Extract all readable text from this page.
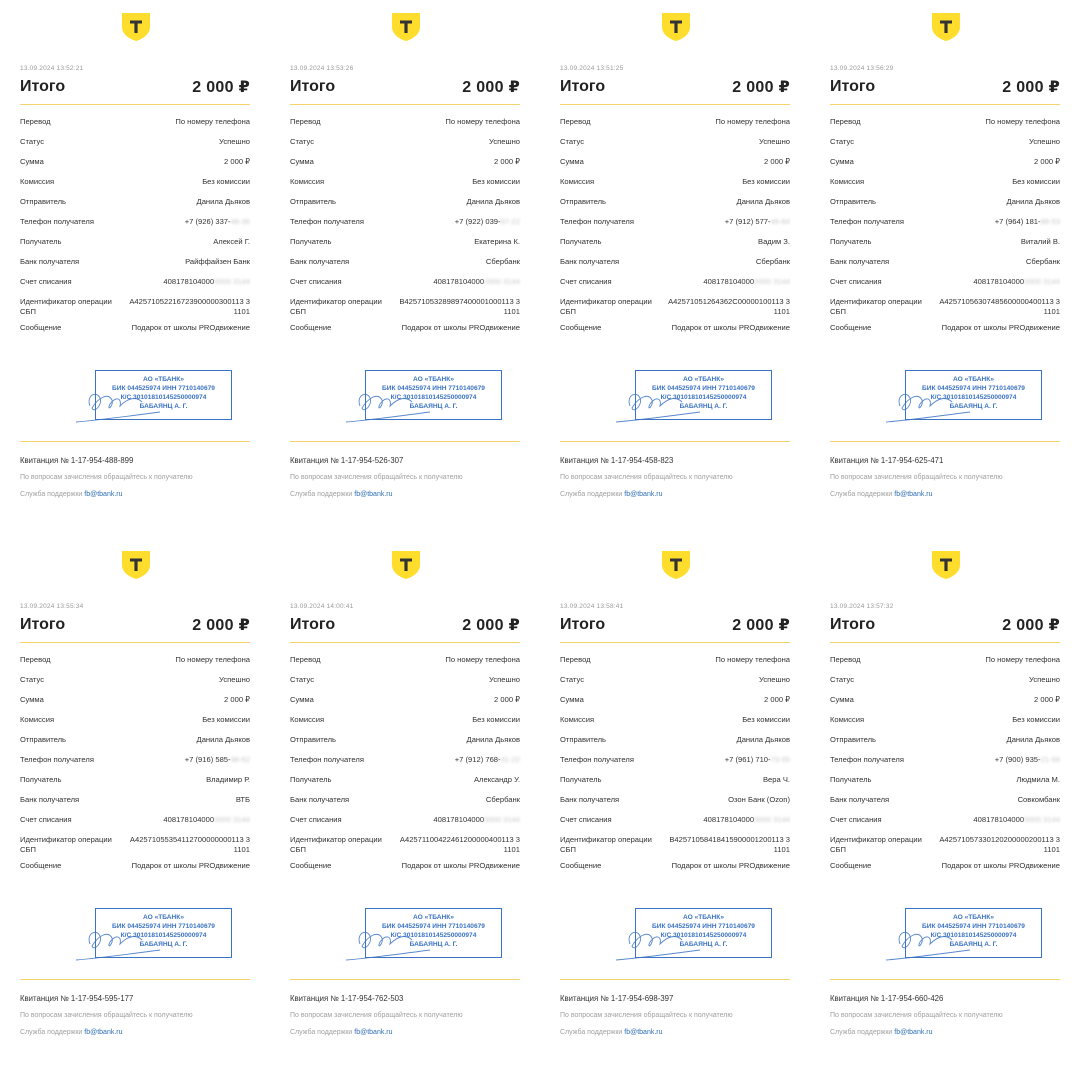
13.09.2024 13:52:21
Итого	2 000 ₽
Перевод	По номеру телефона
Статус	Успешно
Сумма	2 000 ₽
Комиссия	Без комиссии
Отправитель	Данила Дьяков
Телефон получателя	+7 (926) 337-46-36
Получатель	Алексей Г.
Банк получателя	Райффайзен Банк
Счет списания	4081781040000000 3144
Идентификатор операции СБП
A42571052216723900000300113 31101
Сообщение	Подарок от школы PROдвижение
АО «ТБАНК»
БИК 044525974 ИНН 7710140679
К/С 30101810145250000974
БАБАЯНЦ А. Г.
Квитанция № 1-17-954-488-899
По вопросам зачисления обращайтесь к получателю
Служба поддержки fb@tbank.ru
13.09.2024 13:53:26
Итого	2 000 ₽
Перевод	По номеру телефона
Статус	Успешно
Сумма	2 000 ₽
Комиссия	Без комиссии
Отправитель	Данила Дьяков
Телефон получателя	+7 (922) 039-87-22
Получатель	Екатерина К.
Банк получателя	Сбербанк
Счет списания	4081781040000000 3144
Идентификатор операции СБП
B42571053289897400001000113 31101
Сообщение	Подарок от школы PROдвижение
АО «ТБАНК»
БИК 044525974 ИНН 7710140679
К/С 30101810145250000974
БАБАЯНЦ А. Г.
Квитанция № 1-17-954-526-307
По вопросам зачисления обращайтесь к получателю
Служба поддержки fb@tbank.ru
13.09.2024 13:51:25
Итого	2 000 ₽
Перевод	По номеру телефона
Статус	Успешно
Сумма	2 000 ₽
Комиссия	Без комиссии
Отправитель	Данила Дьяков
Телефон получателя	+7 (912) 577-46-84
Получатель	Вадим З.
Банк получателя	Сбербанк
Счет списания	4081781040000000 3144
Идентификатор операции СБП
A42571051264362C00000100113 31101
Сообщение	Подарок от школы PROдвижение
АО «ТБАНК»
БИК 044525974 ИНН 7710140679
К/С 30101810145250000974
БАБАЯНЦ А. Г.
Квитанция № 1-17-954-458-823
По вопросам зачисления обращайтесь к получателю
Служба поддержки fb@tbank.ru
13.09.2024 13:56:29
Итого	2 000 ₽
Перевод	По номеру телефона
Статус	Успешно
Сумма	2 000 ₽
Комиссия	Без комиссии
Отправитель	Данила Дьяков
Телефон получателя	+7 (964) 181-88-53
Получатель	Виталий В.
Банк получателя	Сбербанк
Счет списания	4081781040000000 3144
Идентификатор операции СБП
A42571056307485600000400113 31101
Сообщение	Подарок от школы PROдвижение
АО «ТБАНК»
БИК 044525974 ИНН 7710140679
К/С 30101810145250000974
БАБАЯНЦ А. Г.
Квитанция № 1-17-954-625-471
По вопросам зачисления обращайтесь к получателю
Служба поддержки fb@tbank.ru
13.09.2024 13:55:34
Итого	2 000 ₽
Перевод	По номеру телефона
Статус	Успешно
Сумма	2 000 ₽
Комиссия	Без комиссии
Отправитель	Данила Дьяков
Телефон получателя	+7 (916) 585-98-62
Получатель	Владимир Р.
Банк получателя	ВТБ
Счет списания	4081781040000000 3144
Идентификатор операции СБП
A42571055354112700000000113 31101
Сообщение	Подарок от школы PROдвижение
АО «ТБАНК»
БИК 044525974 ИНН 7710140679
К/С 30101810145250000974
БАБАЯНЦ А. Г.
Квитанция № 1-17-954-595-177
По вопросам зачисления обращайтесь к получателю
Служба поддержки fb@tbank.ru
13.09.2024 14:00:41
Итого	2 000 ₽
Перевод	По номеру телефона
Статус	Успешно
Сумма	2 000 ₽
Комиссия	Без комиссии
Отправитель	Данила Дьяков
Телефон получателя	+7 (912) 768-31-22
Получатель	Александр У.
Банк получателя	Сбербанк
Счет списания	4081781040000000 3144
Идентификатор операции СБП
A42571100422461200000400113 31101
Сообщение	Подарок от школы PROдвижение
АО «ТБАНК»
БИК 044525974 ИНН 7710140679
К/С 30101810145250000974
БАБАЯНЦ А. Г.
Квитанция № 1-17-954-762-503
По вопросам зачисления обращайтесь к получателю
Служба поддержки fb@tbank.ru
13.09.2024 13:58:41
Итого	2 000 ₽
Перевод	По номеру телефона
Статус	Успешно
Сумма	2 000 ₽
Комиссия	Без комиссии
Отправитель	Данила Дьяков
Телефон получателя	+7 (961) 710-73-55
Получатель	Вера Ч.
Банк получателя	Озон Банк (Ozon)
Счет списания	4081781040000000 3144
Идентификатор операции СБП
B42571058418415900001200113 31101
Сообщение	Подарок от школы PROдвижение
АО «ТБАНК»
БИК 044525974 ИНН 7710140679
К/С 30101810145250000974
БАБАЯНЦ А. Г.
Квитанция № 1-17-954-698-397
По вопросам зачисления обращайтесь к получателю
Служба поддержки fb@tbank.ru
13.09.2024 13:57:32
Итого	2 000 ₽
Перевод	По номеру телефона
Статус	Успешно
Сумма	2 000 ₽
Комиссия	Без комиссии
Отправитель	Данила Дьяков
Телефон получателя	+7 (900) 935-21-58
Получатель	Людмила М.
Банк получателя	Совкомбанк
Счет списания	4081781040000000 3144
Идентификатор операции СБП
A42571057330120200000200113 31101
Сообщение	Подарок от школы PROдвижение
АО «ТБАНК»
БИК 044525974 ИНН 7710140679
К/С 30101810145250000974
БАБАЯНЦ А. Г.
Квитанция № 1-17-954-660-426
По вопросам зачисления обращайтесь к получателю
Служба поддержки fb@tbank.ru
